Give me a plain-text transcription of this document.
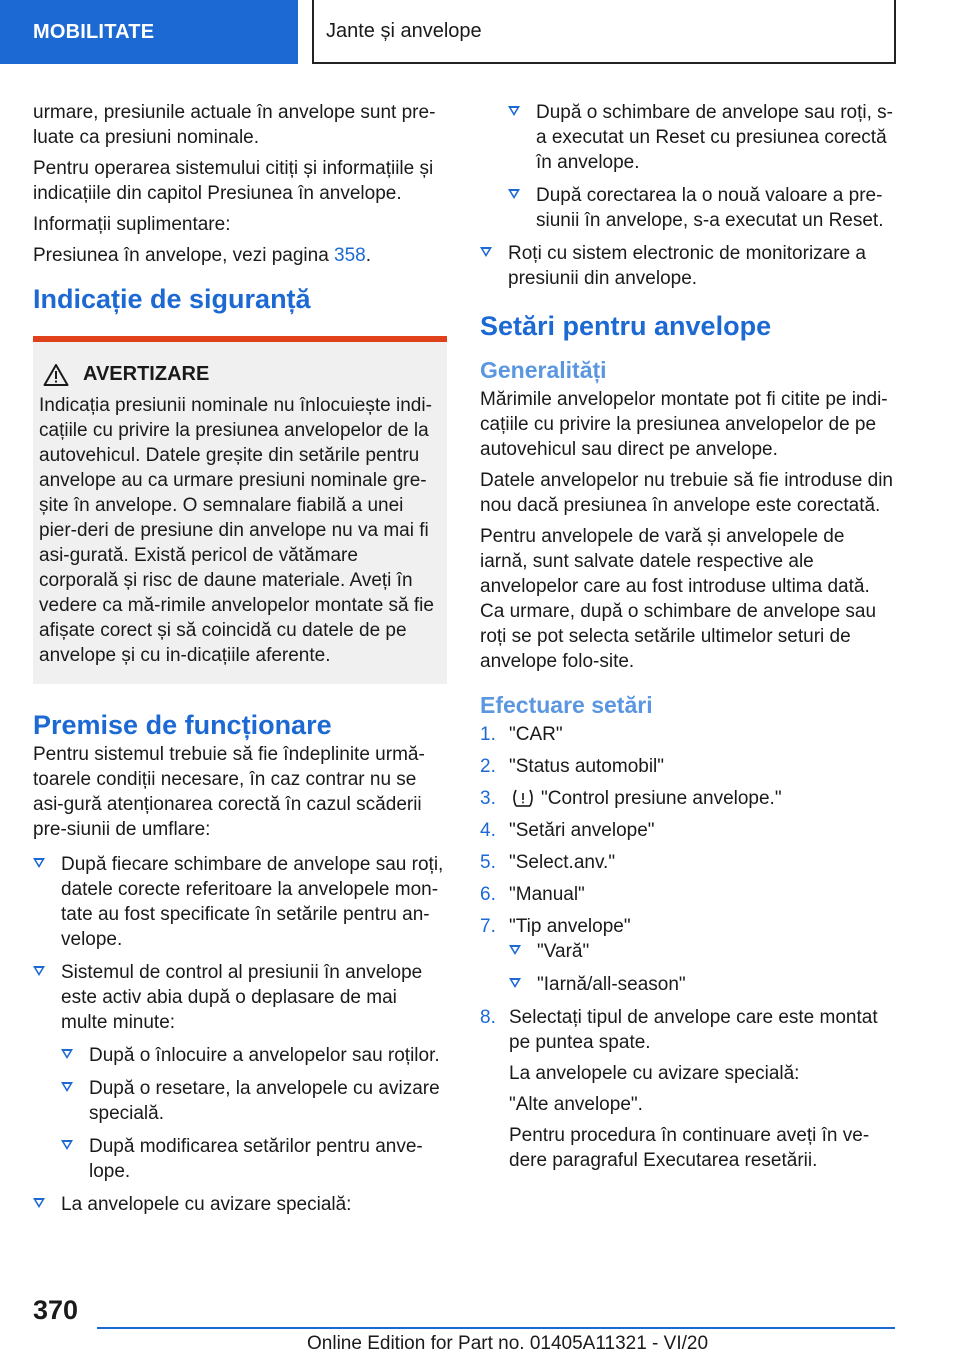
MOBILITATE	Jante și anvelope

urmare, presiunile actuale în anvelope sunt pre-luate ca presiuni nominale.

Pentru operarea sistemului citiți și informațiile și indicațiile din capitol Presiunea în anvelope.

Informații suplimentare:

Presiunea în anvelope, vezi pagina 358.

Indicație de siguranță
AVERTIZARE
Indicația presiunii nominale nu înlocuiește indi-cațiile cu privire la presiunea anvelopelor de la autovehicul. Datele greșite din setările pentru anvelope au ca urmare presiuni nominale gre-șite în anvelope. O semnalare fiabilă a unei pier-deri de presiune din anvelope nu va mai fi asi-gurată. Există pericol de vătămare corporală și risc de daune materiale. Aveți în vedere ca mă-rimile anvelopelor montate să fie afișate corect și să coincidă cu datele de pe anvelope și cu in-dicațiile aferente.
Premise de funcționare

Pentru sistemul trebuie să fie îndeplinite urmă-toarele condiții necesare, în caz contrar nu se asi-gură atenționarea corectă în cazul scăderii pre-siunii de umflare:

După fiecare schimbare de anvelope sau roți, datele corecte referitoare la anvelopele mon-tate au fost specificate în setările pentru an-velope.
Sistemul de control al presiunii în anvelope este activ abia după o deplasare de mai multe minute:
După o înlocuire a anvelopelor sau roților.
După o resetare, la anvelopele cu avizare specială.
După modificarea setărilor pentru anve-lope.
La anvelopele cu avizare specială:
După o schimbare de anvelope sau roți, s-a executat un Reset cu presiunea corectă în anvelope.
După corectarea la o nouă valoare a pre-siunii în anvelope, s-a executat un Reset.
Roți cu sistem electronic de monitorizare a presiunii din anvelope.
Setări pentru anvelope
Generalități

Mărimile anvelopelor montate pot fi citite pe indi-cațiile cu privire la presiunea anvelopelor de pe autovehicul sau direct pe anvelope.

Datele anvelopelor nu trebuie să fie introduse din nou dacă presiunea în anvelope este corectată.

Pentru anvelopele de vară și anvelopele de iarnă, sunt salvate datele respective ale anvelopelor care au fost introduse ultima dată. Ca urmare, după o schimbare de anvelope sau roți se pot selecta setările ultimelor seturi de anvelope folo-site.

Efectuare setări
1. "CAR"
2. "Status automobil"
3. "Control presiune anvelope."
4. "Setări anvelope"
5. "Select.anv."
6. "Manual"
7. "Tip anvelope"
"Vară"
"Iarnă/all-season"
8. Selectați tipul de anvelope care este montat pe puntea spate.

La anvelopele cu avizare specială:

"Alte anvelope".

Pentru procedura în continuare aveți în ve-dere paragraful Executarea resetării.

370
Online Edition for Part no. 01405A11321 - VI/20
